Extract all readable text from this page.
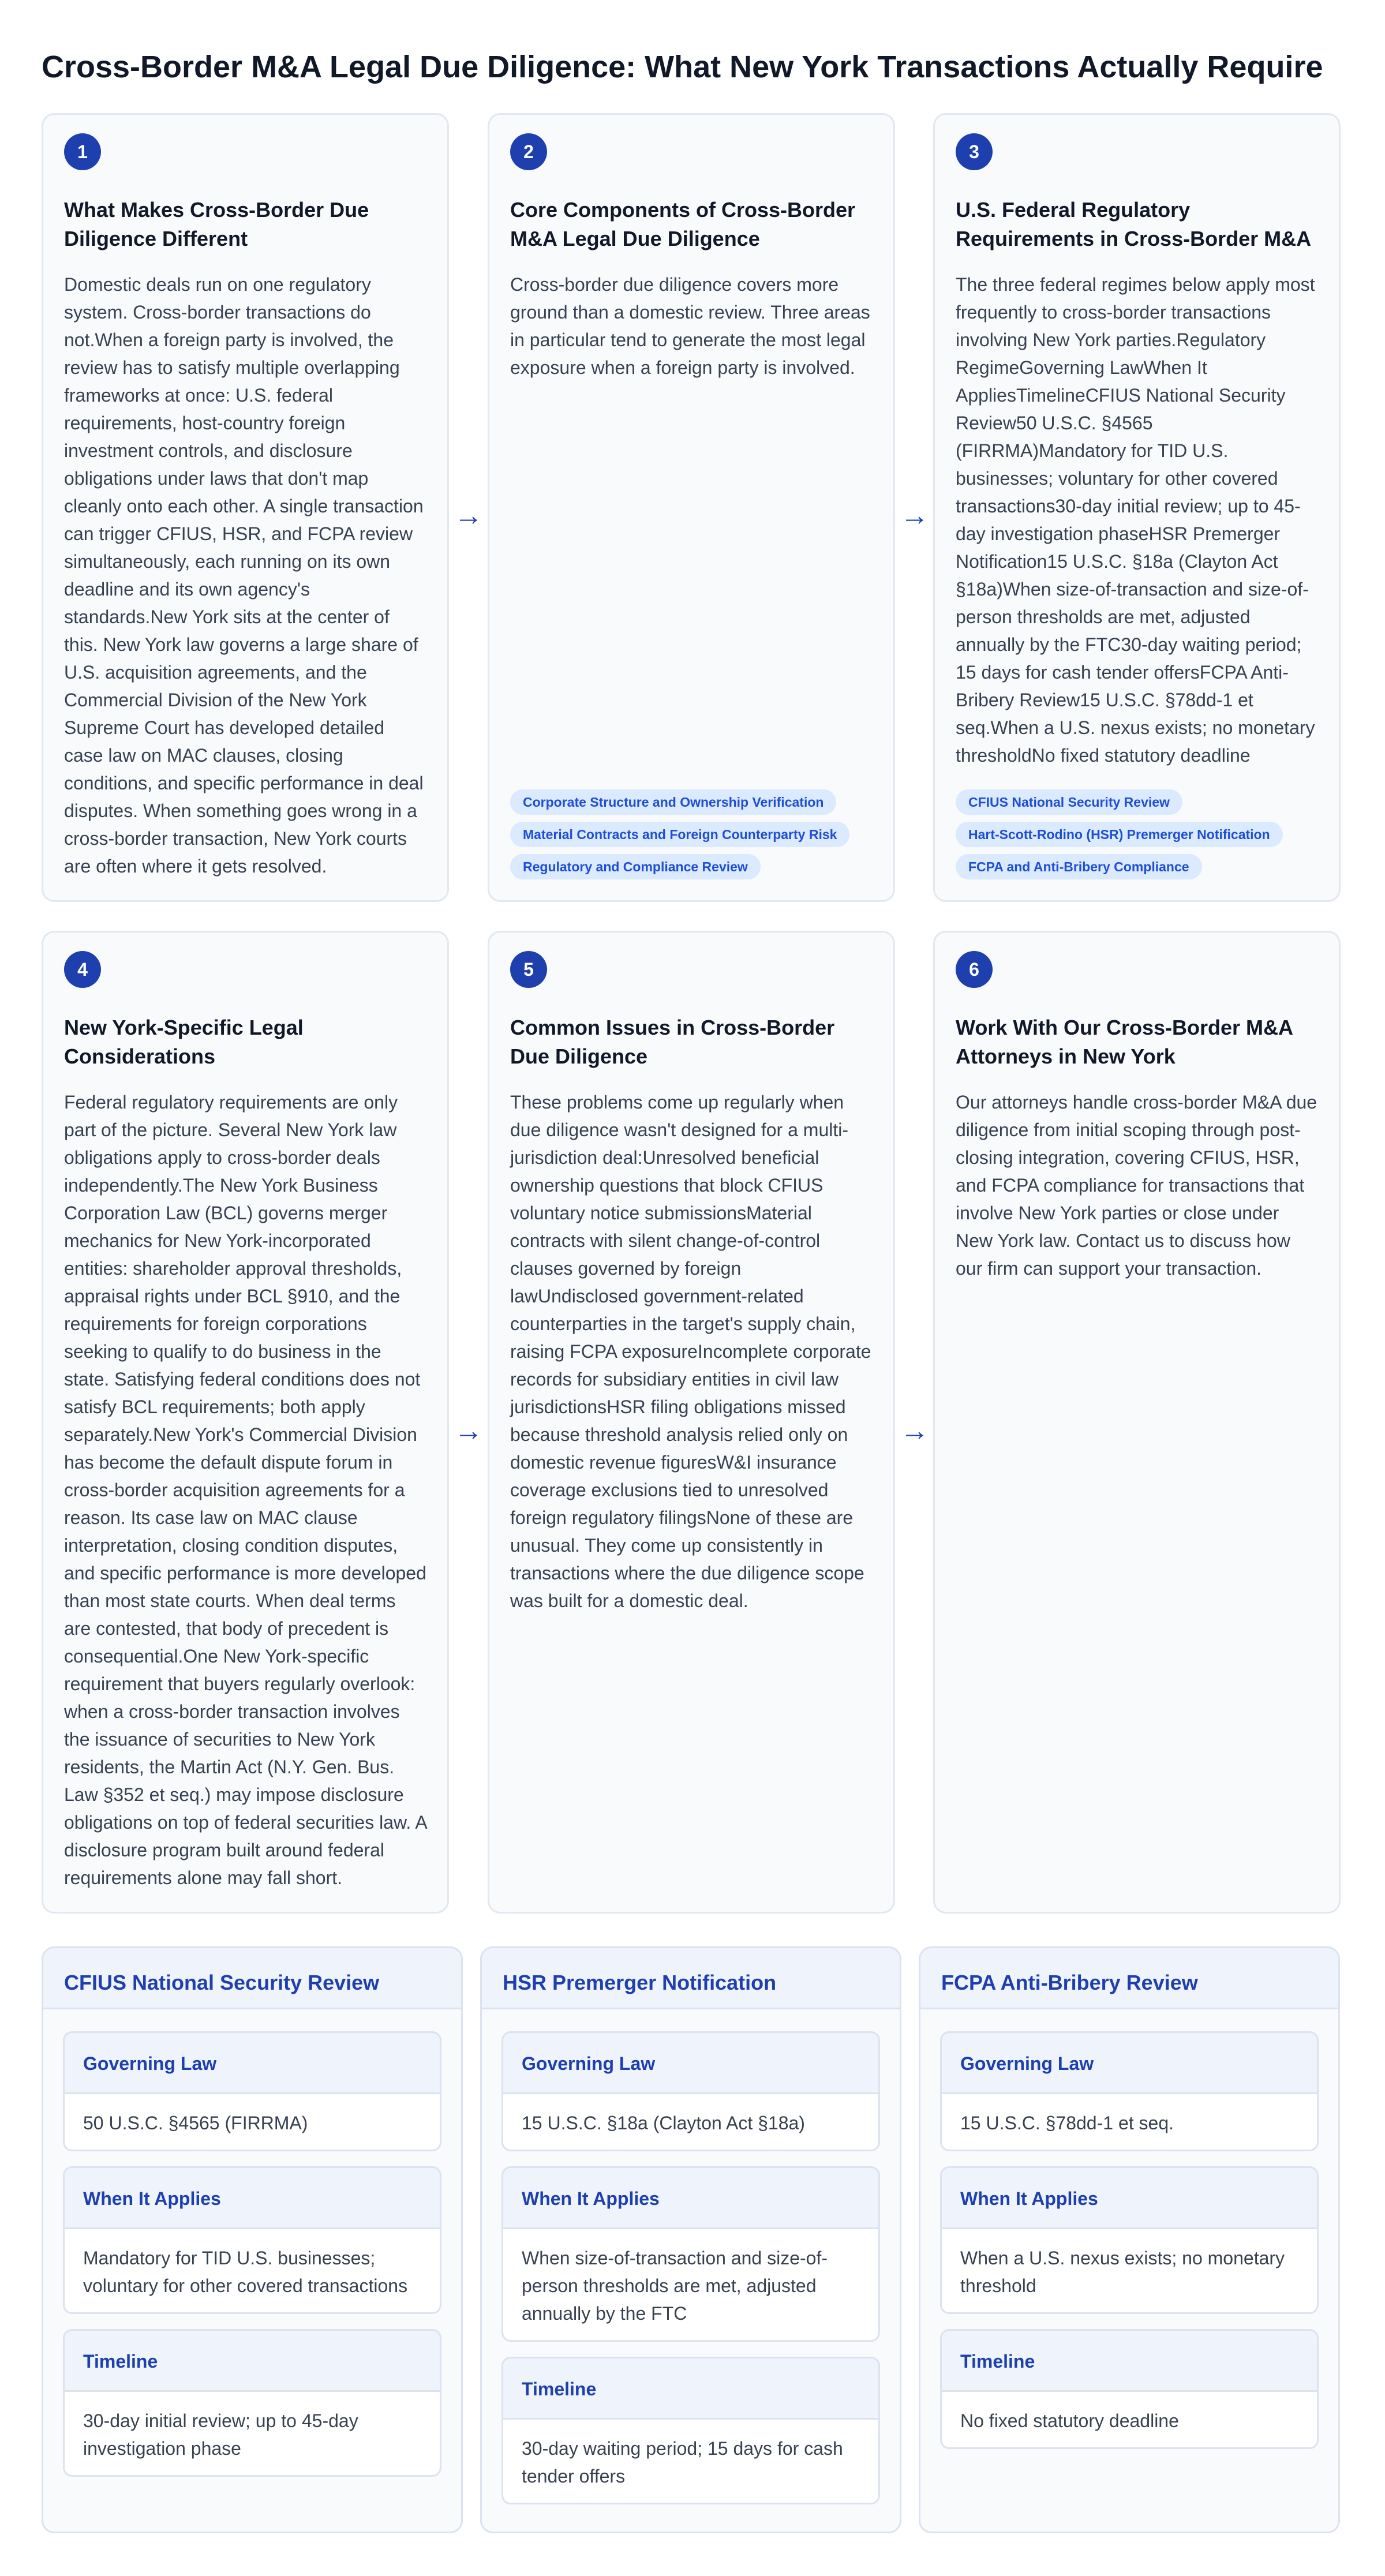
Cross-Border M&A Legal Due Diligence: What New York Transactions Actually Require
1
What Makes Cross-Border Due Diligence Different

Domestic deals run on one regulatory system. Cross-border transactions do not.When a foreign party is involved, the review has to satisfy multiple overlapping frameworks at once: U.S. federal requirements, host-country foreign investment controls, and disclosure obligations under laws that don't map cleanly onto each other. A single transaction can trigger CFIUS, HSR, and FCPA review simultaneously, each running on its own deadline and its own agency's standards.New York sits at the center of this. New York law governs a large share of U.S. acquisition agreements, and the Commercial Division of the New York Supreme Court has developed detailed case law on MAC clauses, closing conditions, and specific performance in deal disputes. When something goes wrong in a cross-border transaction, New York courts are often where it gets resolved.

→
2
Core Components of Cross-Border M&A Legal Due Diligence

Cross-border due diligence covers more ground than a domestic review. Three areas in particular tend to generate the most legal exposure when a foreign party is involved.

Corporate Structure and Ownership Verification
Material Contracts and Foreign Counterparty Risk
Regulatory and Compliance Review
→
3
U.S. Federal Regulatory Requirements in Cross-Border M&A

The three federal regimes below apply most frequently to cross-border transactions involving New York parties.Regulatory RegimeGoverning LawWhen It AppliesTimelineCFIUS National Security Review50 U.S.C. §4565 (FIRRMA)Mandatory for TID U.S. businesses; voluntary for other covered transactions30-day initial review; up to 45-day investigation phaseHSR Premerger Notification15 U.S.C. §18a (Clayton Act §18a)When size-of-transaction and size-of-person thresholds are met, adjusted annually by the FTC30-day waiting period; 15 days for cash tender offersFCPA Anti-Bribery Review15 U.S.C. §78dd-1 et seq.When a U.S. nexus exists; no monetary thresholdNo fixed statutory deadline

CFIUS National Security Review
Hart-Scott-Rodino (HSR) Premerger Notification
FCPA and Anti-Bribery Compliance
4
New York-Specific Legal Considerations

Federal regulatory requirements are only part of the picture. Several New York law obligations apply to cross-border deals independently.The New York Business Corporation Law (BCL) governs merger mechanics for New York-incorporated entities: shareholder approval thresholds, appraisal rights under BCL §910, and the requirements for foreign corporations seeking to qualify to do business in the state. Satisfying federal conditions does not satisfy BCL requirements; both apply separately.New York's Commercial Division has become the default dispute forum in cross-border acquisition agreements for a reason. Its case law on MAC clause interpretation, closing condition disputes, and specific performance is more developed than most state courts. When deal terms are contested, that body of precedent is consequential.One New York-specific requirement that buyers regularly overlook: when a cross-border transaction involves the issuance of securities to New York residents, the Martin Act (N.Y. Gen. Bus. Law §352 et seq.) may impose disclosure obligations on top of federal securities law. A disclosure program built around federal requirements alone may fall short.

→
5
Common Issues in Cross-Border Due Diligence

These problems come up regularly when due diligence wasn't designed for a multi-jurisdiction deal:Unresolved beneficial ownership questions that block CFIUS voluntary notice submissionsMaterial contracts with silent change-of-control clauses governed by foreign lawUndisclosed government-related counterparties in the target's supply chain, raising FCPA exposureIncomplete corporate records for subsidiary entities in civil law jurisdictionsHSR filing obligations missed because threshold analysis relied only on domestic revenue figuresW&I insurance coverage exclusions tied to unresolved foreign regulatory filingsNone of these are unusual. They come up consistently in transactions where the due diligence scope was built for a domestic deal.

→
6
Work With Our Cross-Border M&A Attorneys in New York

Our attorneys handle cross-border M&A due diligence from initial scoping through post-closing integration, covering CFIUS, HSR, and FCPA compliance for transactions that involve New York parties or close under New York law. Contact us to discuss how our firm can support your transaction.

CFIUS National Security Review
Governing Law
50 U.S.C. §4565 (FIRRMA)
When It Applies
Mandatory for TID U.S. businesses; voluntary for other covered transactions
Timeline
30-day initial review; up to 45-day investigation phase
HSR Premerger Notification
Governing Law
15 U.S.C. §18a (Clayton Act §18a)
When It Applies
When size-of-transaction and size-of-person thresholds are met, adjusted annually by the FTC
Timeline
30-day waiting period; 15 days for cash tender offers
FCPA Anti-Bribery Review
Governing Law
15 U.S.C. §78dd-1 et seq.
When It Applies
When a U.S. nexus exists; no monetary threshold
Timeline
No fixed statutory deadline
